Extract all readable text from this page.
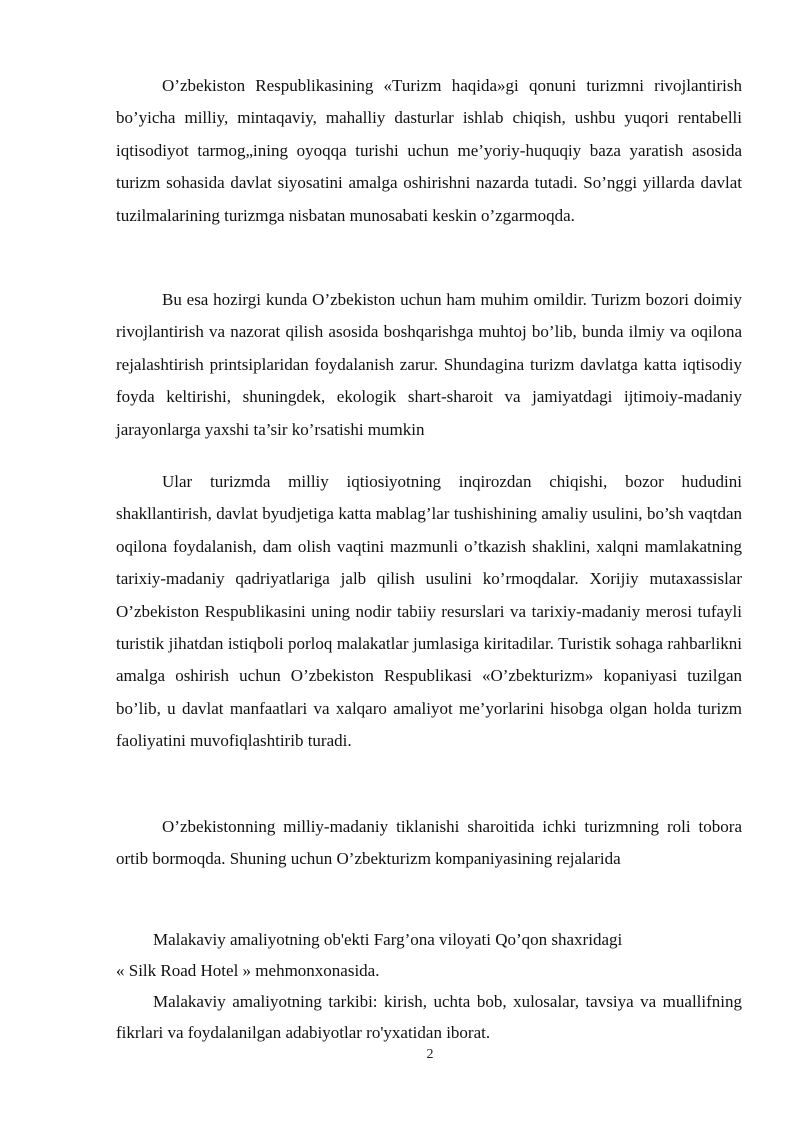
O’zbekiston Respublikasining «Turizm haqida»gi qonuni turizmni rivojlantirish bo’yicha milliy, mintaqaviy, mahalliy dasturlar ishlab chiqish, ushbu yuqori rentabelli iqtisodiyot tarmog„ining oyoqqa turishi uchun me’yoriy-huquqiy baza yaratish asosida turizm sohasida davlat siyosatini amalga oshirishni nazarda tutadi. So’nggi yillarda davlat tuzilmalarining turizmga nisbatan munosabati keskin o’zgarmoqda.

Bu esa hozirgi kunda O’zbekiston uchun ham muhim omildir. Turizm bozori doimiy rivojlantirish va nazorat qilish asosida boshqarishga muhtoj bo’lib, bunda ilmiy va oqilona rejalashtirish printsiplaridan foydalanish zarur. Shundagina turizm davlatga katta iqtisodiy foyda keltirishi, shuningdek, ekologik shart-sharoit va jamiyatdagi ijtimoiy-madaniy jarayonlarga yaxshi ta’sir ko’rsatishi mumkin

Ular turizmda milliy iqtiosiyotning inqirozdan chiqishi, bozor hududini shakllantirish, davlat byudjetiga katta mablag’lar tushishining amaliy usulini, bo’sh vaqtdan oqilona foydalanish, dam olish vaqtini mazmunli o’tkazish shaklini, xalqni mamlakatning tarixiy-madaniy qadriyatlariga jalb qilish usulini ko’rmoqdalar. Xorijiy mutaxassislar O’zbekiston Respublikasini uning nodir tabiiy resurslari va tarixiy-madaniy merosi tufayli turistik jihatdan istiqboli porloq malakatlar jumlasiga kiritadilar. Turistik sohaga rahbarlikni amalga oshirish uchun O’zbekiston Respublikasi «O’zbekturizm» kopaniyasi tuzilgan bo’lib, u davlat manfaatlari va xalqaro amaliyot me’yorlarini hisobga olgan holda turizm faoliyatini muvofiqlashtirib turadi.

O’zbekistonning milliy-madaniy tiklanishi sharoitida ichki turizmning roli tobora ortib bormoqda. Shuning uchun O’zbekturizm kompaniyasining rejalarida

Malakaviy amaliyotning ob'ekti Farg’ona viloyati Qo’qon shaxridagi
« Silk Road Hotel » mehmonxonasida.

Malakaviy amaliyotning tarkibi: kirish, uchta bob, xulosalar, tavsiya va muallifning fikrlari va foydalanilgan adabiyotlar ro'yxatidan iborat.

2
